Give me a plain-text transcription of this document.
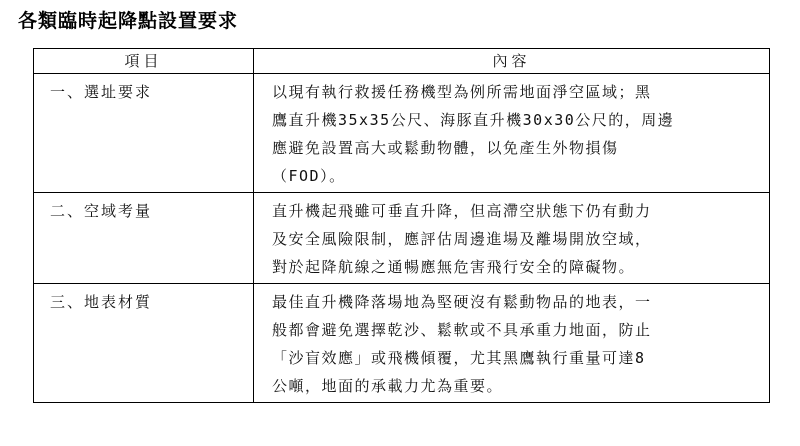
各類臨時起降點設置要求
項目	內容
一、選址要求	以現有執行救援任務機型為例所需地面淨空區域；黑
鷹直升機35x35公尺、海豚直升機30x30公尺的，周邊
應避免設置高大或鬆動物體，以免產生外物損傷
（FOD）。

二、空域考量	直升機起飛雖可垂直升降，但高滯空狀態下仍有動力
及安全風險限制，應評估周邊進場及離場開放空域，
對於起降航線之通暢應無危害飛行安全的障礙物。

三、地表材質	最佳直升機降落場地為堅硬沒有鬆動物品的地表，一
般都會避免選擇乾沙、鬆軟或不具承重力地面，防止
「沙盲效應」或飛機傾覆，尤其黑鷹執行重量可達8
公噸，地面的承載力尤為重要。
